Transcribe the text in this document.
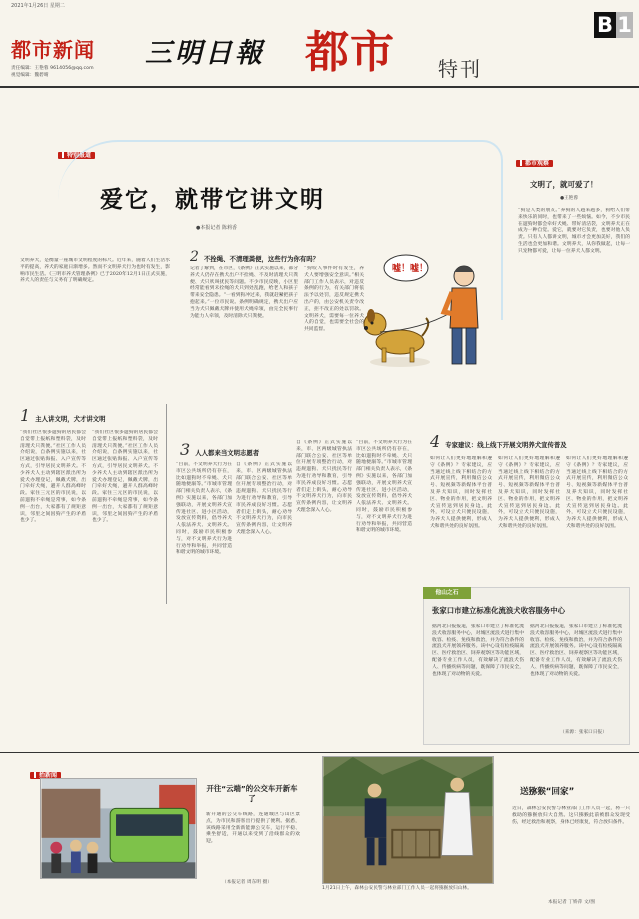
2021年1月26日 星期二
B 1
都市新闻
责任编辑：王艳蓉 9614056@qq.com
视觉编辑：魏碧晴
三明日報 都市 特刊
特别报道
爱它，就带它讲文明
●本报记者 陈莉香
文明养犬，是衡量一座城市文明程度的标尺。近年来，随着人们生活水平的提高，养犬的家庭日渐增多。然而不文明养犬行为也时有发生，影响市民生活。《三明市养犬管理条例》已于2020年12月1日正式实施，养犬人的责任与义务有了明确规定。
2 不拴绳、不清理粪便，这些行为你有吗？
记者了解到，在市区，《条例》正式实施以来，部分养犬人仍存在携犬出户不拴绳、不及时清理犬只粪便、犬只吠叫扰民等问题。不少市民反映，小区里经常能看到未拴绳的犬只到处乱跑，给老人和孩子带来安全隐患。“一看到狗冲过来，我就赶紧把孩子抱起来。”一位市民说。条例明确规定，携犬出户应当为犬只佩戴犬牌并使用犬绳牵领，由完全民事行为能力人牵领，及时清除犬只粪便。
“狗咬人事件时有发生，养犬人要增强安全意识。”相关部门工作人员表示，对违反条例的行为，有关部门将依法予以处罚，违反规定携犬出户的，由公安机关责令改正，拒不改正的处以罚款。文明养犬，需要每一位养犬人的自觉，也需要全社会的共同监督。
嘘！嘘！
1 主人讲文明，犬才讲文明
“我们社区很多遛狗的居民都会自觉带上报纸和塑料袋，及时清理犬只粪便。”社区工作人员介绍说，自条例实施以来，社区通过张贴海报、入户宣传等方式，引导居民文明养犬。不少养犬人主动到辖区派出所为爱犬办理登记，佩戴犬牌，出门牵好犬绳，避开人群高峰时段。家住三元区的市民说，以前遛狗不牵绳是常事，如今条例一出台，大家都有了规矩意识，邻里之间因狗产生的矛盾也少了。
“我们社区很多遛狗的居民都会自觉带上报纸和塑料袋，及时清理犬只粪便。”社区工作人员介绍说，自条例实施以来，社区通过张贴海报、入户宣传等方式，引导居民文明养犬。不少养犬人主动到辖区派出所为爱犬办理登记，佩戴犬牌，出门牵好犬绳，避开人群高峰时段。家住三元区的市民说，以前遛狗不牵绳是常事，如今条例一出台，大家都有了规矩意识，邻里之间因狗产生的矛盾也少了。
3 人人都来当文明志愿者
“目前，不文明养犬行为在市区公共场所仍有存在，比如遛狗时不牵绳、犬只随地便溺等。”市城市管理部门相关负责人表示，《条例》实施以来，各部门加强联动，开展文明养犬宣传进社区、进小区活动，发放宣传资料，倡导养犬人依法养犬、文明养犬。同时，鼓励市民积极参与，对不文明养犬行为进行劝导和举报，共同营造和谐文明的城市环境。
自《条例》正式实施以来，市、区两级城管执法部门联合公安、社区等单位开展专项整治行动，对违规遛狗、犬只扰民等行为进行劝导和教育，引导市民养成良好习惯。志愿者们走上街头，耐心劝导不文明养犬行为，向市民宣传条例内容，让文明养犬理念深入人心。
自《条例》正式实施以来，市、区两级城管执法部门联合公安、社区等单位开展专项整治行动，对违规遛狗、犬只扰民等行为进行劝导和教育，引导市民养成良好习惯。志愿者们走上街头，耐心劝导不文明养犬行为，向市民宣传条例内容，让文明养犬理念深入人心。
“目前，不文明养犬行为在市区公共场所仍有存在，比如遛狗时不牵绳、犬只随地便溺等。”市城市管理部门相关负责人表示，《条例》实施以来，各部门加强联动，开展文明养犬宣传进社区、进小区活动，发放宣传资料，倡导养犬人依法养犬、文明养犬。同时，鼓励市民积极参与，对不文明养犬行为进行劝导和举报，共同营造和谐文明的城市环境。
4 专家建议：线上线下开展文明养犬宣传普及
如何让人们更好地理解和遵守《条例》？专家建议，应当通过线上线下相结合的方式开展宣传，利用微信公众号、短视频等新媒体平台普及养犬知识，同时发挥社区、物业的作用，把文明养犬宣传送到居民身边。此外，可设立犬只便民设施，为养犬人提供便利，形成人犬和谐共处的良好氛围。
如何让人们更好地理解和遵守《条例》？专家建议，应当通过线上线下相结合的方式开展宣传，利用微信公众号、短视频等新媒体平台普及养犬知识，同时发挥社区、物业的作用，把文明养犬宣传送到居民身边。此外，可设立犬只便民设施，为养犬人提供便利，形成人犬和谐共处的良好氛围。
如何让人们更好地理解和遵守《条例》？专家建议，应当通过线上线下相结合的方式开展宣传，利用微信公众号、短视频等新媒体平台普及养犬知识，同时发挥社区、物业的作用，把文明养犬宣传送到居民身边。此外，可设立犬只便民设施，为养犬人提供便利，形成人犬和谐共处的良好氛围。
都市观察
文明了，就可爱了！
●王艳蓉
“狗是人类的朋友。”养狗的人越来越多，狗给人们带来快乐的同时，也带来了一些烦恼。如今，不少市民在遛狗时都会牵好犬绳、带好清洁袋，文明养犬正在成为一种自觉。爱它，就要对它负责，也要对他人负责。只有人人都讲文明，城市才会更加美好，我们的生活也会更加和谐。文明养犬，从你我做起，让每一只宠物都可爱，让每一位养犬人都文明。
他山之石
张家口市建立标准化流浪犬收容服务中心
据河北日报报道，张家口市建立了标准化流浪犬收容服务中心，对城区流浪犬进行集中收容、检疫、免疫和救治，并为符合条件的流浪犬开展领养服务。该中心设有检疫隔离区、医疗救治区、饲养观察区等功能区域，配备专业工作人员，有效解决了流浪犬伤人、传播疾病等问题，既保障了市民安全，也体现了对动物的关爱。
据河北日报报道，张家口市建立了标准化流浪犬收容服务中心，对城区流浪犬进行集中收容、检疫、免疫和救治，并为符合条件的流浪犬开展领养服务。该中心设有检疫隔离区、医疗救治区、饲养观察区等功能区域，配备专业工作人员，有效解决了流浪犬伤人、传播疾病等问题，既保障了市民安全，也体现了对动物的关爱。
（来源：张家口日报）
抬新闻
开往“云端”的公交车开新车了
新开通的公交车线路，连通城区与山区景点，为市民和游客出行提供了便利。据悉，该线路采用全新新能源公交车，运行平稳、乘坐舒适，开通以来受到了沿线群众的欢迎。
（本报记者 周东明 摄）
1月21日上午，森林公安民警与林业部门工作人员一起将猕猴放归山林。
送猕猴“回家”
近日，森林公安民警与林业部门工作人员一起，将一只救助的猕猴放归大自然。这只猕猴此前被群众发现受伤，经过救治和观察，身体已经康复，符合放归条件。
本报记者 丁娇萍 文/图
